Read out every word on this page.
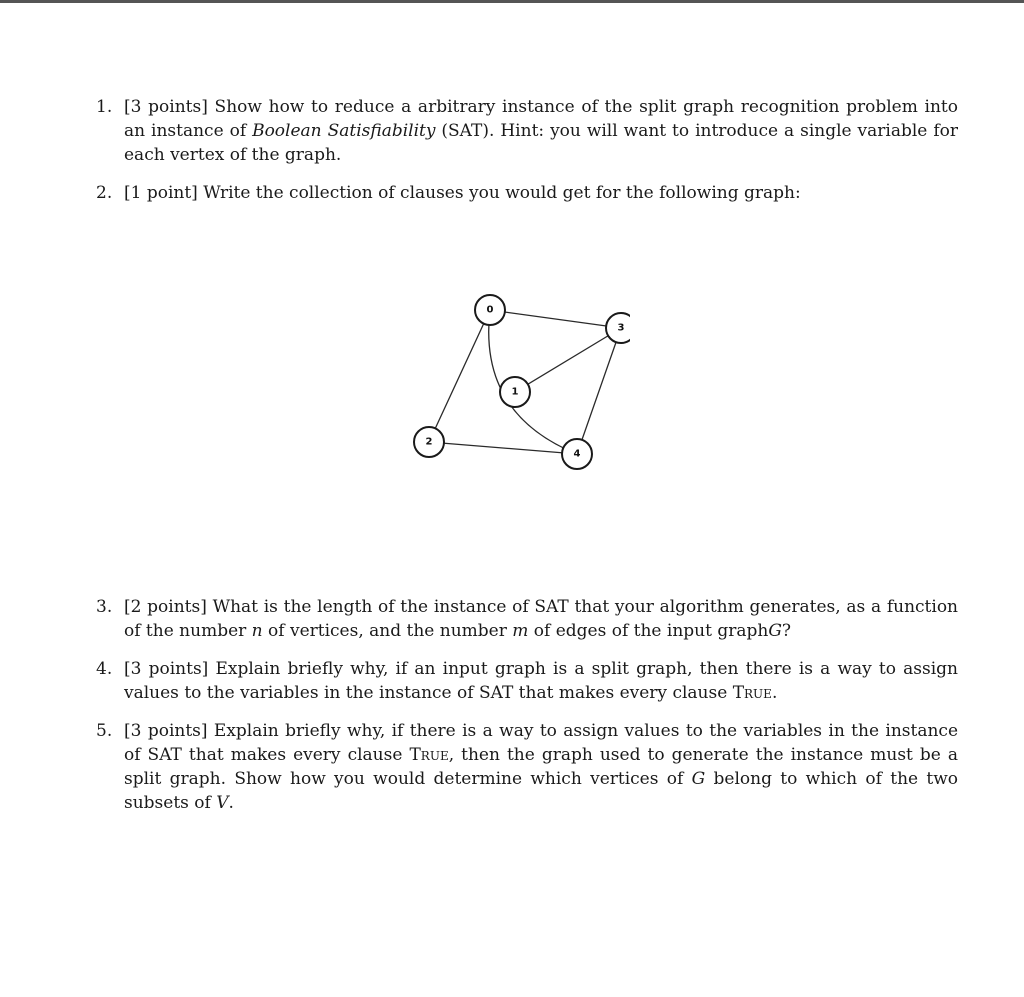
1. [3 points] Show how to reduce a arbitrary instance of the split graph recognition problem into an instance of Boolean Satisfiability (SAT). Hint: you will want to introduce a single variable for each vertex of the graph.
2. [1 point] Write the collection of clauses you would get for the following graph:
0
1
2
3
4
3. [2 points] What is the length of the instance of SAT that your algorithm generates, as a function of the number n of vertices, and the number m of edges of the input graphG?
4. [3 points] Explain briefly why, if an input graph is a split graph, then there is a way to assign values to the variables in the instance of SAT that makes every clause True.
5. [3 points] Explain briefly why, if there is a way to assign values to the variables in the instance of SAT that makes every clause True, then the graph used to generate the instance must be a split graph. Show how you would determine which vertices of G belong to which of the two subsets of V.
